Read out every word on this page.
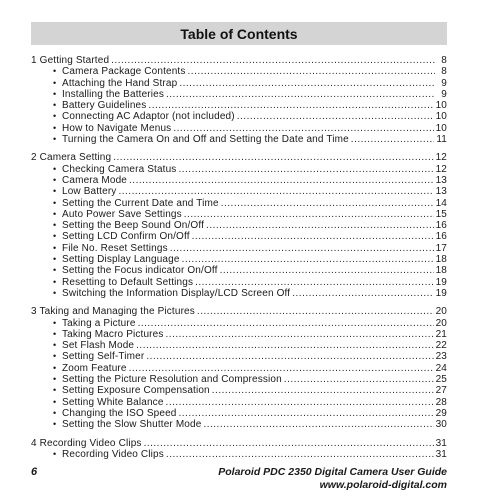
Table of Contents
1 Getting Started .....	8
• Camera Package Contents .....	8
• Attaching the Hand Strap .....	9
• Installing the Batteries .....	9
• Battery Guidelines .....	10
• Connecting AC Adaptor (not included) .....	10
• How to Navigate Menus .....	10
• Turning the Camera On and Off and Setting the Date and Time .....	11
2 Camera Setting .....	12
• Checking Camera Status .....	12
• Camera Mode .....	13
• Low Battery .....	13
• Setting the Current Date and Time .....	14
• Auto Power Save Settings .....	15
• Setting the Beep Sound On/Off .....	16
• Setting LCD Confirm On/Off .....	16
• File No. Reset Settings .....	17
• Setting Display Language .....	18
• Setting the Focus indicator On/Off .....	18
• Resetting to Default Settings .....	19
• Switching the Information Display/LCD Screen Off .....	19
3 Taking and Managing the Pictures .....	20
• Taking a Picture .....	20
• Taking Macro Pictures .....	21
• Set Flash Mode .....	22
• Setting Self-Timer .....	23
• Zoom Feature .....	24
• Setting the Picture Resolution and Compression .....	25
• Setting Exposure Compensation .....	27
• Setting White Balance .....	28
• Changing the ISO Speed .....	29
• Setting the Slow Shutter Mode .....	30
4 Recording Video Clips .....	31
• Recording Video Clips .....	31
6	Polaroid PDC 2350 Digital Camera User Guide
www.polaroid-digital.com
